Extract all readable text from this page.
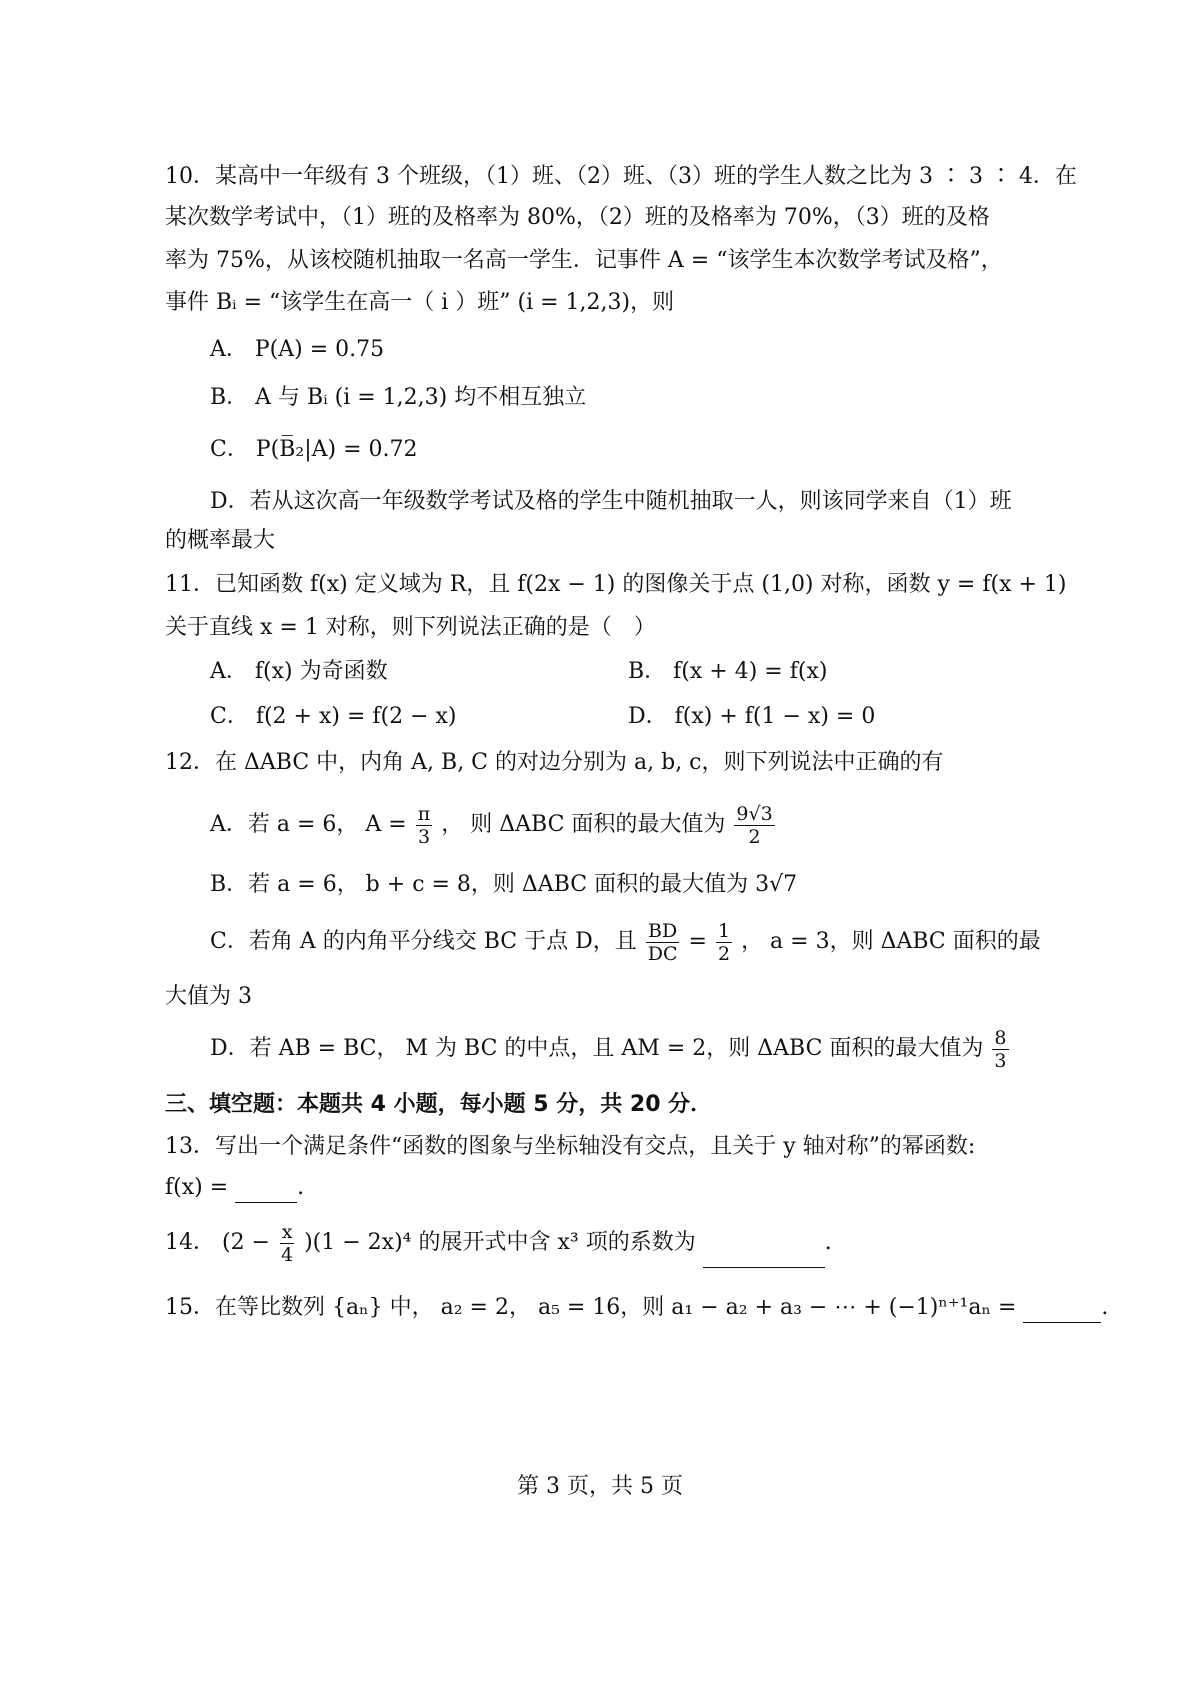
10．某高中一年级有 3 个班级，（1）班、（2）班、（3）班的学生人数之比为 3 ∶ 3 ∶ 4．在
某次数学考试中，（1）班的及格率为 80%，（2）班的及格率为 70%，（3）班的及格
率为 75%，从该校随机抽取一名高一学生．记事件 A = “该学生本次数学考试及格”，
事件 Bᵢ = “该学生在高一（ i ）班” (i = 1,2,3)，则
A． P(A) = 0.75
B． A 与 Bᵢ (i = 1,2,3) 均不相互独立
C． P(B̅₂|A) = 0.72
D．若从这次高一年级数学考试及格的学生中随机抽取一人，则该同学来自（1）班
的概率最大
11．已知函数 f(x) 定义域为 R，且 f(2x − 1) 的图像关于点 (1,0) 对称，函数 y = f(x + 1)
关于直线 x = 1 对称，则下列说法正确的是（　）
A． f(x) 为奇函数	B． f(x + 4) = f(x)
C． f(2 + x) = f(2 − x)	D． f(x) + f(1 − x) = 0
12．在 ΔABC 中，内角 A, B, C 的对边分别为 a, b, c，则下列说法中正确的有
A．若 a = 6， $A = \frac{\pi}{3}$ ， 则 ΔABC 面积的最大值为 $\frac{9√3}{2}$
B．若 a = 6， b + c = 8，则 ΔABC 面积的最大值为 3√7
C．若角 A 的内角平分线交 BC 于点 D，且 $\frac{BD}{DC} = \frac{1}{2}$ ， a = 3，则 ΔABC 面积的最
大值为 3
D．若 AB = BC， M 为 BC 的中点，且 AM = 2，则 ΔABC 面积的最大值为 $\frac{8}{3}$
三、填空题：本题共 4 小题，每小题 5 分，共 20 分．
13．写出一个满足条件“函数的图象与坐标轴没有交点，且关于 y 轴对称”的幂函数:
f(x) =	.
14． $(2 - \frac{x}{4} )(1 - 2x)^4$ 的展开式中含 x³ 项的系数为	.
15．在等比数列 {aₙ} 中， a₂ = 2， a₅ = 16，则 a₁ − a₂ + a₃ − ⋯ + (−1)ⁿ⁺¹aₙ =	.
第 3 页，共 5 页
